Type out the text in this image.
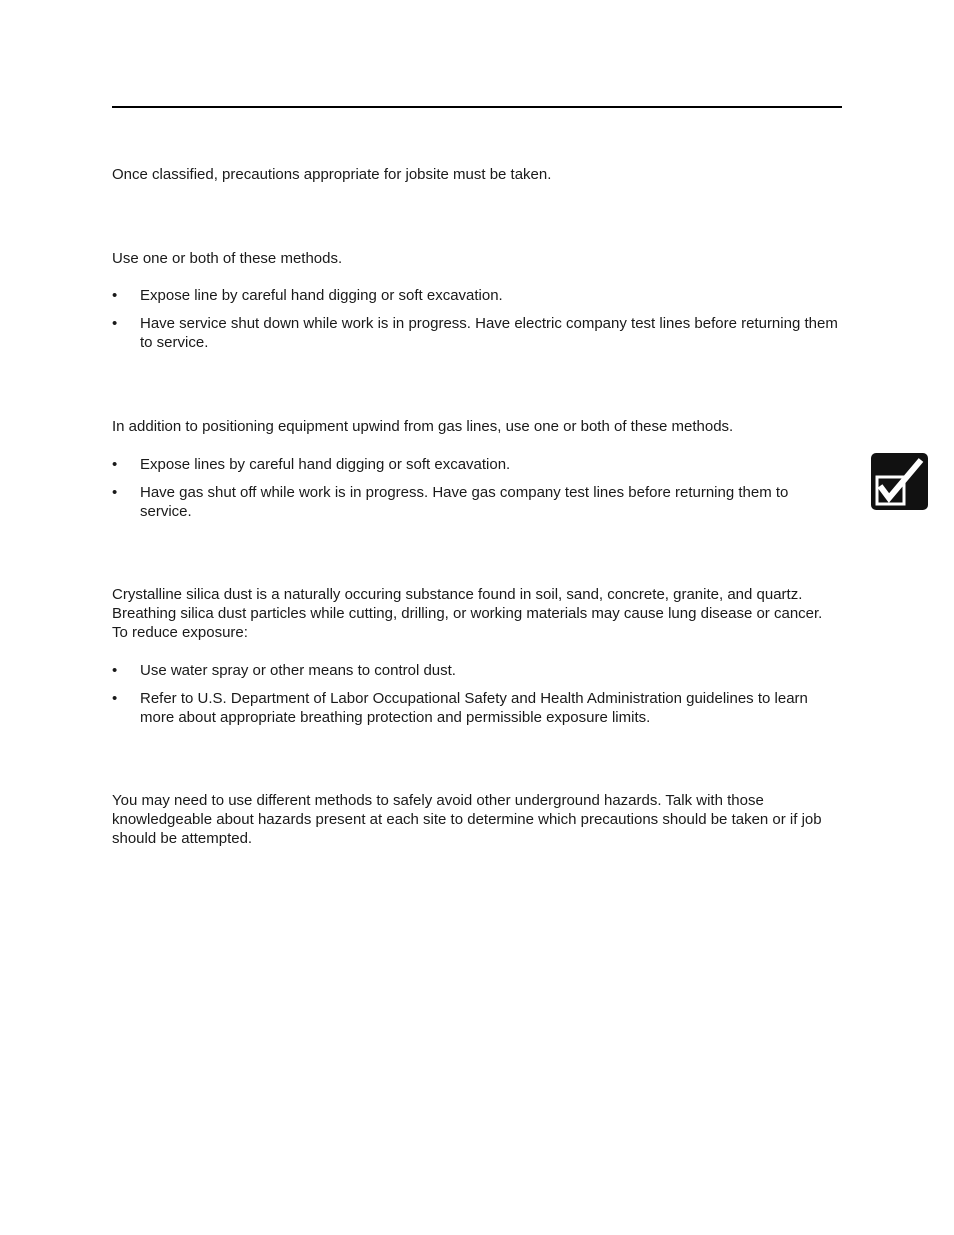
Once classified, precautions appropriate for jobsite must be taken.

Use one or both of these methods.

• Expose line by careful hand digging or soft excavation.
• Have service shut down while work is in progress. Have electric company test lines before returning them to service.

In addition to positioning equipment upwind from gas lines, use one or both of these methods.

• Expose lines by careful hand digging or soft excavation.
• Have gas shut off while work is in progress. Have gas company test lines before returning them to service.

Crystalline silica dust is a naturally occuring substance found in soil, sand, concrete, granite, and quartz. Breathing silica dust particles while cutting, drilling, or working materials may cause lung disease or cancer. To reduce exposure:

• Use water spray or other means to control dust.
• Refer to U.S. Department of Labor Occupational Safety and Health Administration guidelines to learn more about appropriate breathing protection and permissible exposure limits.

You may need to use different methods to safely avoid other underground hazards. Talk with those knowledgeable about hazards present at each site to determine which precautions should be taken or if job should be attempted.
